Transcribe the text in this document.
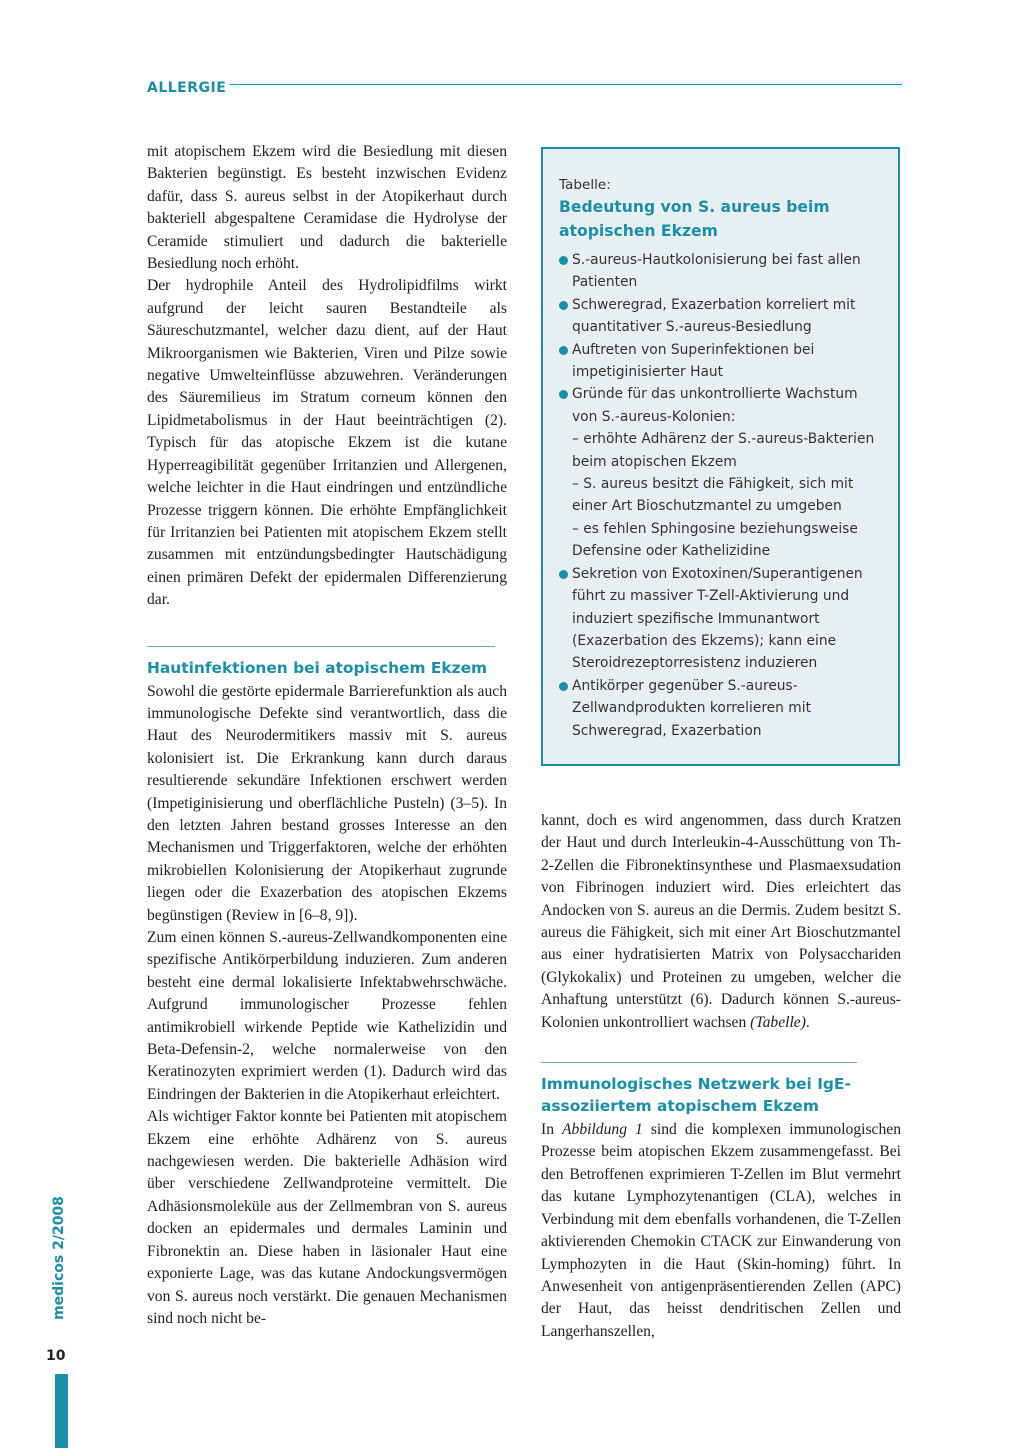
ALLERGIE

mit atopischem Ekzem wird die Besiedlung mit diesen Bakterien begünstigt. Es besteht inzwischen Evidenz dafür, dass S. aureus selbst in der Atopikerhaut durch bakteriell abgespaltene Ceramidase die Hydrolyse der Ceramide stimuliert und dadurch die bakterielle Besiedlung noch erhöht.

Der hydrophile Anteil des Hydrolipidfilms wirkt aufgrund der leicht sauren Bestandteile als Säureschutzmantel, welcher dazu dient, auf der Haut Mikroorganismen wie Bakterien, Viren und Pilze sowie negative Umwelteinflüsse abzuwehren. Veränderungen des Säuremilieus im Stratum corneum können den Lipidmetabolismus in der Haut beeinträchtigen (2). Typisch für das atopische Ekzem ist die kutane Hyperreagibilität gegenüber Irritanzien und Allergenen, welche leichter in die Haut eindringen und entzündliche Prozesse triggern können. Die erhöhte Empfänglichkeit für Irritanzien bei Patienten mit atopischem Ekzem stellt zusammen mit entzündungsbedingter Hautschädigung einen primären Defekt der epidermalen Differenzierung dar.

Hautinfektionen bei atopischem Ekzem

Sowohl die gestörte epidermale Barrierefunktion als auch immunologische Defekte sind verantwortlich, dass die Haut des Neurodermitikers massiv mit S. aureus kolonisiert ist. Die Erkrankung kann durch daraus resultierende sekundäre Infektionen erschwert werden (Impetiginisierung und oberflächliche Pusteln) (3–5). In den letzten Jahren bestand grosses Interesse an den Mechanismen und Triggerfaktoren, welche der erhöhten mikrobiellen Kolonisierung der Atopikerhaut zugrunde liegen oder die Exazerbation des atopischen Ekzems begünstigen (Review in [6–8, 9]).

Zum einen können S.-aureus-Zellwandkomponenten eine spezifische Antikörperbildung induzieren. Zum anderen besteht eine dermal lokalisierte Infektabwehrschwäche. Aufgrund immunologischer Prozesse fehlen antimikrobiell wirkende Peptide wie Kathelizidin und Beta-Defensin-2, welche normalerweise von den Keratinozyten exprimiert werden (1). Dadurch wird das Eindringen der Bakterien in die Atopikerhaut erleichtert.

Als wichtiger Faktor konnte bei Patienten mit atopischem Ekzem eine erhöhte Adhärenz von S. aureus nachgewiesen werden. Die bakterielle Adhäsion wird über verschiedene Zellwandproteine vermittelt. Die Adhäsionsmoleküle aus der Zellmembran von S. aureus docken an epidermales und dermales Laminin und Fibronektin an. Diese haben in läsionaler Haut eine exponierte Lage, was das kutane Andockungsvermögen von S. aureus noch verstärkt. Die genauen Mechanismen sind noch nicht be-

Tabelle:
Bedeutung von S. aureus beim atopischen Ekzem
S.-aureus-Hautkolonisierung bei fast allen Patienten
Schweregrad, Exazerbation korreliert mit quantitativer S.-aureus-Besiedlung
Auftreten von Superinfektionen bei impetiginisierter Haut
Gründe für das unkontrollierte Wachstum von S.-aureus-Kolonien:
– erhöhte Adhärenz der S.-aureus-Bakterien beim atopischen Ekzem
– S. aureus besitzt die Fähigkeit, sich mit einer Art Bioschutzmantel zu umgeben
– es fehlen Sphingosine beziehungsweise Defensine oder Kathelizidine
Sekretion von Exotoxinen/Superantigenen führt zu massiver T-Zell-Aktivierung und induziert spezifische Immunantwort (Exazerbation des Ekzems); kann eine Steroidrezeptorresistenz induzieren
Antikörper gegenüber S.-aureus-Zellwandprodukten korrelieren mit Schweregrad, Exazerbation

kannt, doch es wird angenommen, dass durch Kratzen der Haut und durch Interleukin-4-Ausschüttung von Th-2-Zellen die Fibronektinsynthese und Plasmaexsudation von Fibrinogen induziert wird. Dies erleichtert das Andocken von S. aureus an die Dermis. Zudem besitzt S. aureus die Fähigkeit, sich mit einer Art Bioschutzmantel aus einer hydratisierten Matrix von Polysacchariden (Glykokalix) und Proteinen zu umgeben, welcher die Anhaftung unterstützt (6). Dadurch können S.-aureus-Kolonien unkontrolliert wachsen (Tabelle).

Immunologisches Netzwerk bei IgE-assoziiertem atopischem Ekzem

In Abbildung 1 sind die komplexen immunologischen Prozesse beim atopischen Ekzem zusammengefasst. Bei den Betroffenen exprimieren T-Zellen im Blut vermehrt das kutane Lymphozytenantigen (CLA), welches in Verbindung mit dem ebenfalls vorhandenen, die T-Zellen aktivierenden Chemokin CTACK zur Einwanderung von Lymphozyten in die Haut (Skin-homing) führt. In Anwesenheit von antigenpräsentierenden Zellen (APC) der Haut, das heisst dendritischen Zellen und Langerhanszellen,

medicos 2/2008
10
